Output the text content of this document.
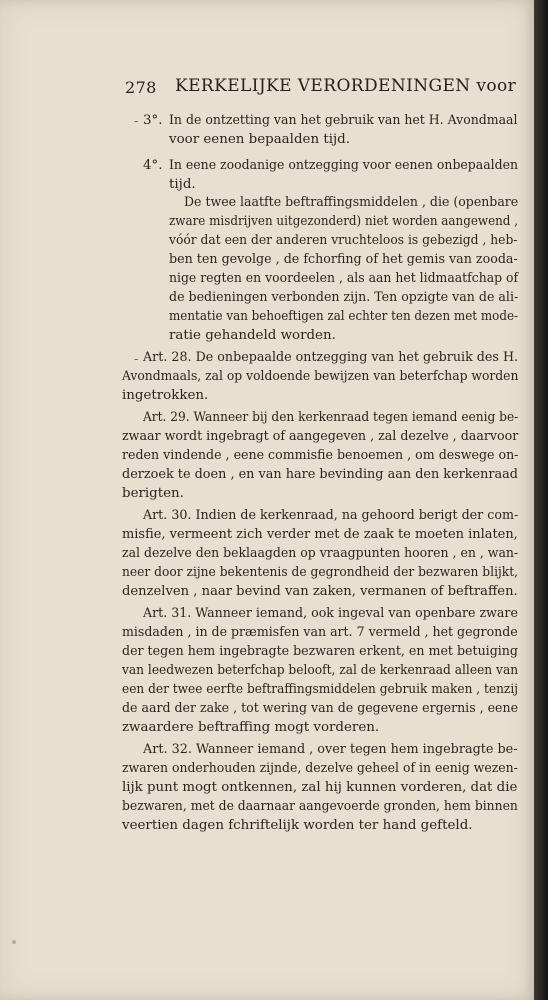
278 KERKELIJKE VERORDENINGEN voor
-
-
3°. In de ontzetting van het gebruik van het H. Avondmaal
voor eenen bepaalden tijd.
4°. In eene zoodanige ontzegging voor eenen onbepaalden
tijd.
De twee laatfte beftraffingsmiddelen , die (openbare
zware misdrijven uitgezonderd) niet worden aangewend ,
vóór dat een der anderen vruchteloos is gebezigd , heb-
ben ten gevolge , de fchorfing of het gemis van zooda-
nige regten en voordeelen , als aan het lidmaatfchap of
de bedieningen verbonden zijn. Ten opzigte van de ali-
mentatie van behoeftigen zal echter ten dezen met mode-
ratie gehandeld worden.
Art. 28. De onbepaalde ontzegging van het gebruik des H.
Avondmaals, zal op voldoende bewijzen van beterfchap worden
ingetrokken.
Art. 29. Wanneer bij den kerkenraad tegen iemand eenig be-
zwaar wordt ingebragt of aangegeven , zal dezelve , daarvoor
reden vindende , eene commisfie benoemen , om deswege on-
derzoek te doen , en van hare bevinding aan den kerkenraad
berigten.
Art. 30. Indien de kerkenraad, na gehoord berigt der com-
misfie, vermeent zich verder met de zaak te moeten inlaten,
zal dezelve den beklaagden op vraagpunten hooren , en , wan-
neer door zijne bekentenis de gegrondheid der bezwaren blijkt,
denzelven , naar bevind van zaken, vermanen of beftraffen.
Art. 31. Wanneer iemand, ook ingeval van openbare zware
misdaden , in de præmisfen van art. 7 vermeld , het gegronde
der tegen hem ingebragte bezwaren erkent, en met betuiging
van leedwezen beterfchap belooft, zal de kerkenraad alleen van
een der twee eerfte beftraffingsmiddelen gebruik maken , tenzij
de aard der zake , tot wering van de gegevene ergernis , eene
zwaardere beftraffing mogt vorderen.
Art. 32. Wanneer iemand , over tegen hem ingebragte be-
zwaren onderhouden zijnde, dezelve geheel of in eenig wezen-
lijk punt mogt ontkennen, zal hij kunnen vorderen, dat die
bezwaren, met de daarnaar aangevoerde gronden, hem binnen
veertien dagen fchriftelijk worden ter hand gefteld.
